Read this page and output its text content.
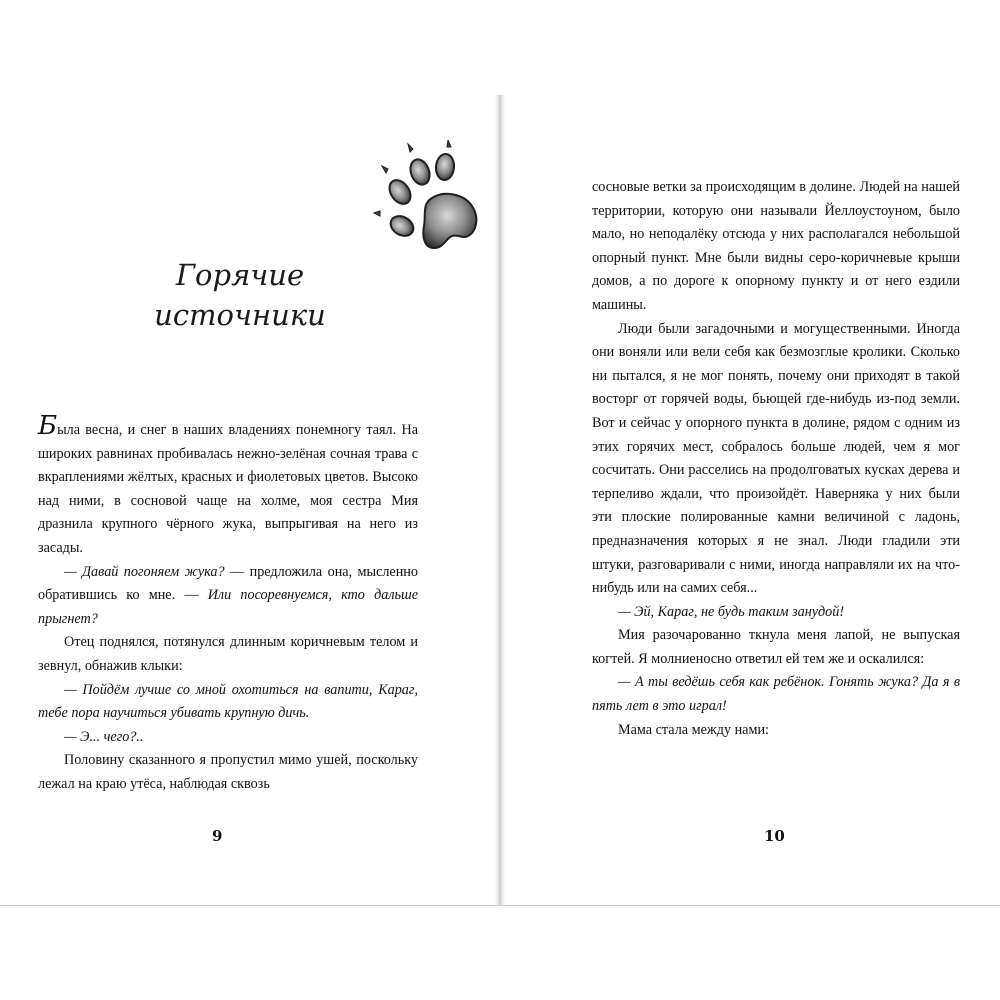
Горячие
источники

Была весна, и снег в наших владениях понемногу таял. На широких равнинах пробивалась нежно-зелёная сочная трава с вкраплениями жёлтых, красных и фиолетовых цветов. Высоко над ними, в сосновой чаще на холме, моя сестра Мия дразнила крупного чёрного жука, выпрыгивая на него из засады.

— Давай погоняем жука? — предложила она, мысленно обратившись ко мне. — Или посоревнуемся, кто дальше прыгнет?

Отец поднялся, потянулся длинным коричневым телом и зевнул, обнажив клыки:

— Пойдём лучше со мной охотиться на вапити, Караг, тебе пора научиться убивать крупную дичь.

— Э... чего?..

Половину сказанного я пропустил мимо ушей, поскольку лежал на краю утёса, наблюдая сквозь

сосновые ветки за происходящим в долине. Людей на нашей территории, которую они называли Йеллоустоуном, было мало, но неподалёку отсюда у них располагался небольшой опорный пункт. Мне были видны серо-коричневые крыши домов, а по дороге к опорному пункту и от него ездили машины.

Люди были загадочными и могущественными. Иногда они воняли или вели себя как безмозглые кролики. Сколько ни пытался, я не мог понять, почему они приходят в такой восторг от горячей воды, бьющей где-нибудь из-под земли. Вот и сейчас у опорного пункта в долине, рядом с одним из этих горячих мест, собралось больше людей, чем я мог сосчитать. Они расселись на продолговатых кусках дерева и терпеливо ждали, что произойдёт. Наверняка у них были эти плоские полированные камни величиной с ладонь, предназначения которых я не знал. Люди гладили эти штуки, разговаривали с ними, иногда направляли их на что-нибудь или на самих себя...

— Эй, Караг, не будь таким занудой!

Мия разочарованно ткнула меня лапой, не выпуская когтей. Я молниеносно ответил ей тем же и оскалился:

— А ты ведёшь себя как ребёнок. Гонять жука? Да я в пять лет в это играл!

Мама стала между нами:

9	10
